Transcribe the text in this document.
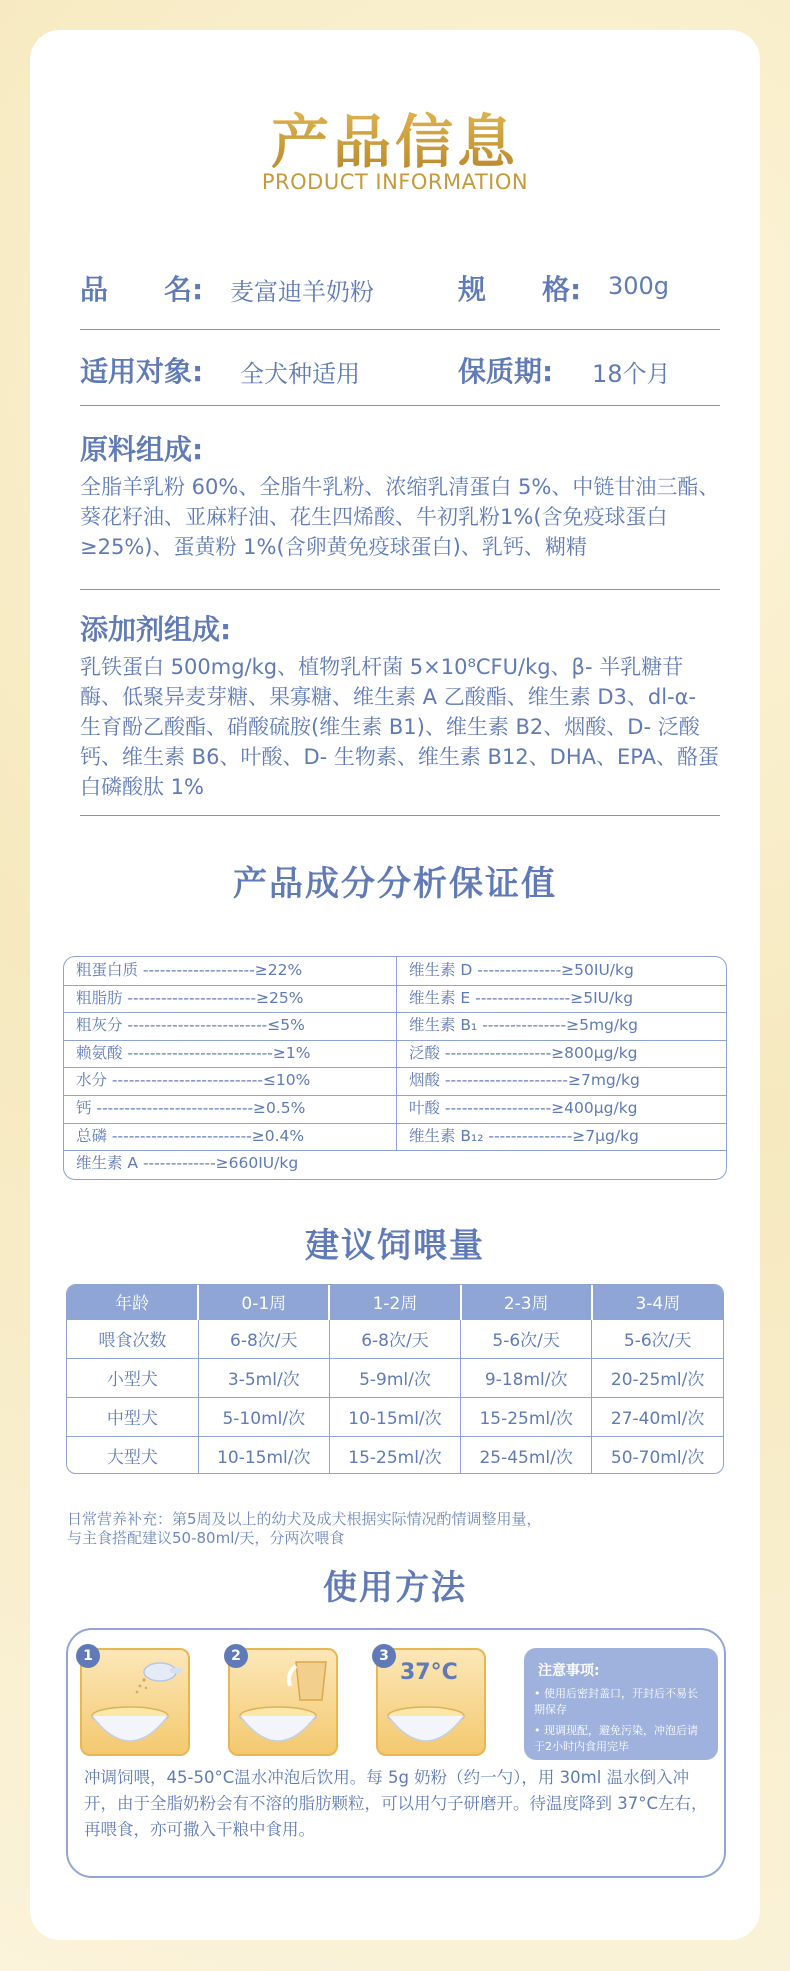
产品信息
PRODUCT INFORMATION
品　　名: 麦富迪羊奶粉	规　　格: 300g
适用对象: 全犬种适用	保质期: 18个月
原料组成:
全脂羊乳粉 60%、全脂牛乳粉、浓缩乳清蛋白 5%、中链甘油三酯、葵花籽油、亚麻籽油、花生四烯酸、牛初乳粉1%(含免疫球蛋白≥25%)、蛋黄粉 1%(含卵黄免疫球蛋白)、乳钙、糊精
添加剂组成:
乳铁蛋白 500mg/kg、植物乳杆菌 5×10⁸CFU/kg、β- 半乳糖苷酶、低聚异麦芽糖、果寡糖、维生素 A 乙酸酯、维生素 D3、dl-α- 生育酚乙酸酯、硝酸硫胺(维生素 B1)、维生素 B2、烟酸、D- 泛酸钙、维生素 B6、叶酸、D- 生物素、维生素 B12、DHA、EPA、酪蛋白磷酸肽 1%
产品成分分析保证值
粗蛋白质 --------------------≥22%
粗脂肪 -----------------------≥25%
粗灰分 -------------------------≤5%
赖氨酸 --------------------------≥1%
水分 ---------------------------≤10%
钙 ----------------------------≥0.5%
总磷 -------------------------≥0.4%
维生素 A -------------≥660IU/kg
维生素 D ---------------≥50IU/kg
维生素 E -----------------≥5IU/kg
维生素 B₁ ---------------≥5mg/kg
泛酸 -------------------≥800μg/kg
烟酸 ----------------------≥7mg/kg
叶酸 -------------------≥400μg/kg
维生素 B₁₂ ---------------≥7μg/kg
建议饲喂量
年龄	0-1周	1-2周	2-3周	3-4周
喂食次数	6-8次/天	6-8次/天	5-6次/天	5-6次/天
小型犬	3-5ml/次	5-9ml/次	9-18ml/次	20-25ml/次
中型犬	5-10ml/次	10-15ml/次	15-25ml/次	27-40ml/次
大型犬	10-15ml/次	15-25ml/次	25-45ml/次	50-70ml/次
日常营养补充：第5周及以上的幼犬及成犬根据实际情况酌情调整用量，
与主食搭配建议50-80ml/天，分两次喂食
使用方法
1	2	3
37°C	注意事项:
• 使用后密封盖口，开封后不易长期保存
• 现调现配，避免污染，冲泡后请于2小时内食用完毕
冲调饲喂，45-50°C温水冲泡后饮用。每 5g 奶粉（约一勺），用 30ml 温水倒入冲开，由于全脂奶粉会有不溶的脂肪颗粒，可以用勺子研磨开。待温度降到 37°C左右，再喂食，亦可撒入干粮中食用。
